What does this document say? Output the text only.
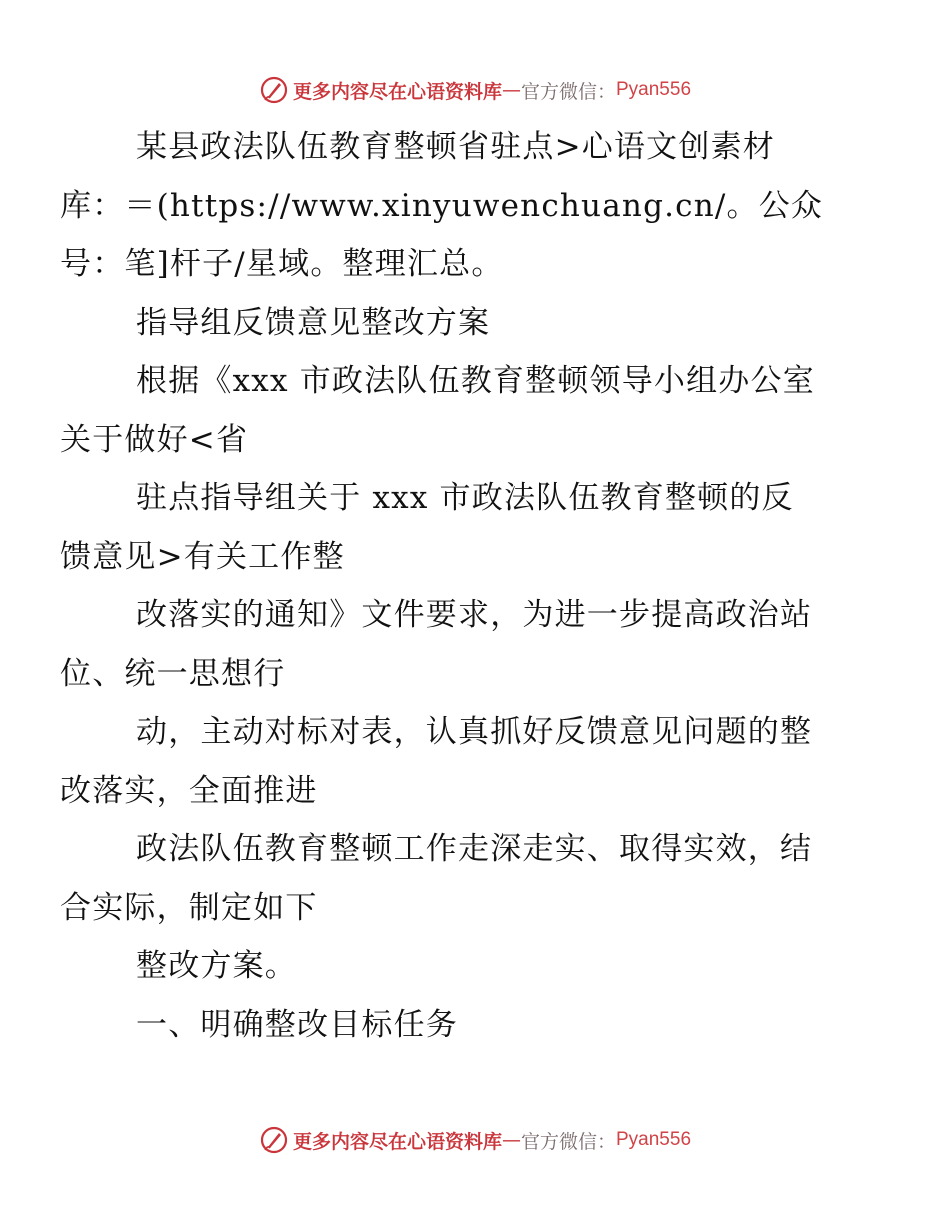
更多内容尽在心语资料库 — 官方微信： Pyan556

某县政法队伍教育整顿省驻点>心语文创素材
库：＝(https://www.xinyuwenchuang.cn/。公众
号：笔]杆子/星域。整理汇总。

指导组反馈意见整改方案

根据《xxx 市政法队伍教育整顿领导小组办公室
关于做好<省

驻点指导组关于 xxx 市政法队伍教育整顿的反
馈意见>有关工作整

改落实的通知》文件要求，为进一步提高政治站
位、统一思想行

动，主动对标对表，认真抓好反馈意见问题的整
改落实，全面推进

政法队伍教育整顿工作走深走实、取得实效，结
合实际，制定如下

整改方案。

一、明确整改目标任务

更多内容尽在心语资料库 — 官方微信： Pyan556
